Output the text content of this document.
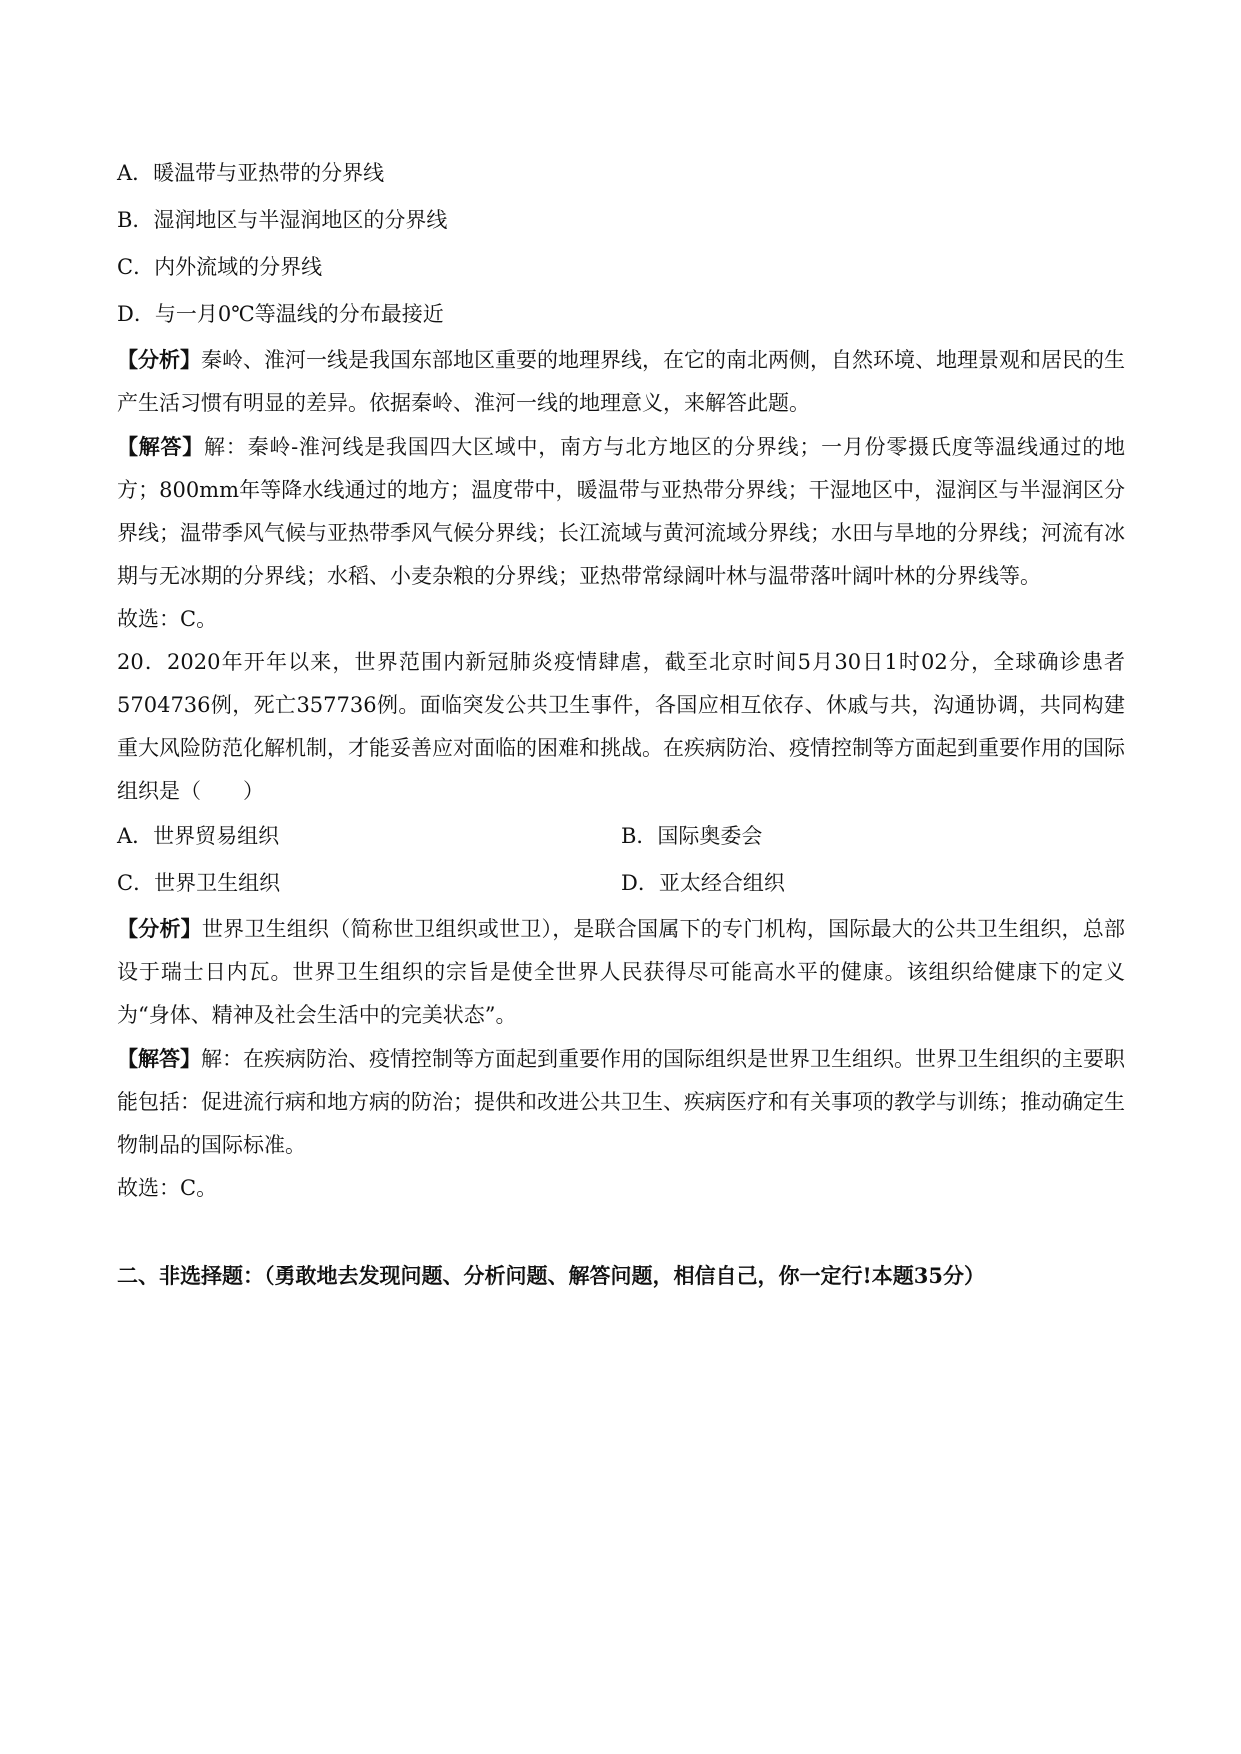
A．暖温带与亚热带的分界线
B．湿润地区与半湿润地区的分界线
C．内外流域的分界线
D．与一月0℃等温线的分布最接近

【分析】秦岭、淮河一线是我国东部地区重要的地理界线，在它的南北两侧，自然环境、地理景观和居民的生产生活习惯有明显的差异。依据秦岭、淮河一线的地理意义，来解答此题。

【解答】解：秦岭-淮河线是我国四大区域中，南方与北方地区的分界线；一月份零摄氏度等温线通过的地方；800mm年等降水线通过的地方；温度带中，暖温带与亚热带分界线；干湿地区中，湿润区与半湿润区分界线；温带季风气候与亚热带季风气候分界线；长江流域与黄河流域分界线；水田与旱地的分界线；河流有冰期与无冰期的分界线；水稻、小麦杂粮的分界线；亚热带常绿阔叶林与温带落叶阔叶林的分界线等。

故选：C。

20．2020年开年以来，世界范围内新冠肺炎疫情肆虐，截至北京时间5月30日1时02分，全球确诊患者5704736例，死亡357736例。面临突发公共卫生事件，各国应相互依存、休戚与共，沟通协调，共同构建重大风险防范化解机制，才能妥善应对面临的困难和挑战。在疾病防治、疫情控制等方面起到重要作用的国际组织是（　　）

A．世界贸易组织	B．国际奥委会
C．世界卫生组织	D．亚太经合组织

【分析】世界卫生组织（简称世卫组织或世卫），是联合国属下的专门机构，国际最大的公共卫生组织，总部设于瑞士日内瓦。世界卫生组织的宗旨是使全世界人民获得尽可能高水平的健康。该组织给健康下的定义为“身体、精神及社会生活中的完美状态”。

【解答】解：在疾病防治、疫情控制等方面起到重要作用的国际组织是世界卫生组织。世界卫生组织的主要职能包括：促进流行病和地方病的防治；提供和改进公共卫生、疾病医疗和有关事项的教学与训练；推动确定生物制品的国际标准。

故选：C。

二、非选择题：（勇敢地去发现问题、分析问题、解答问题，相信自己，你一定行!本题35分）
